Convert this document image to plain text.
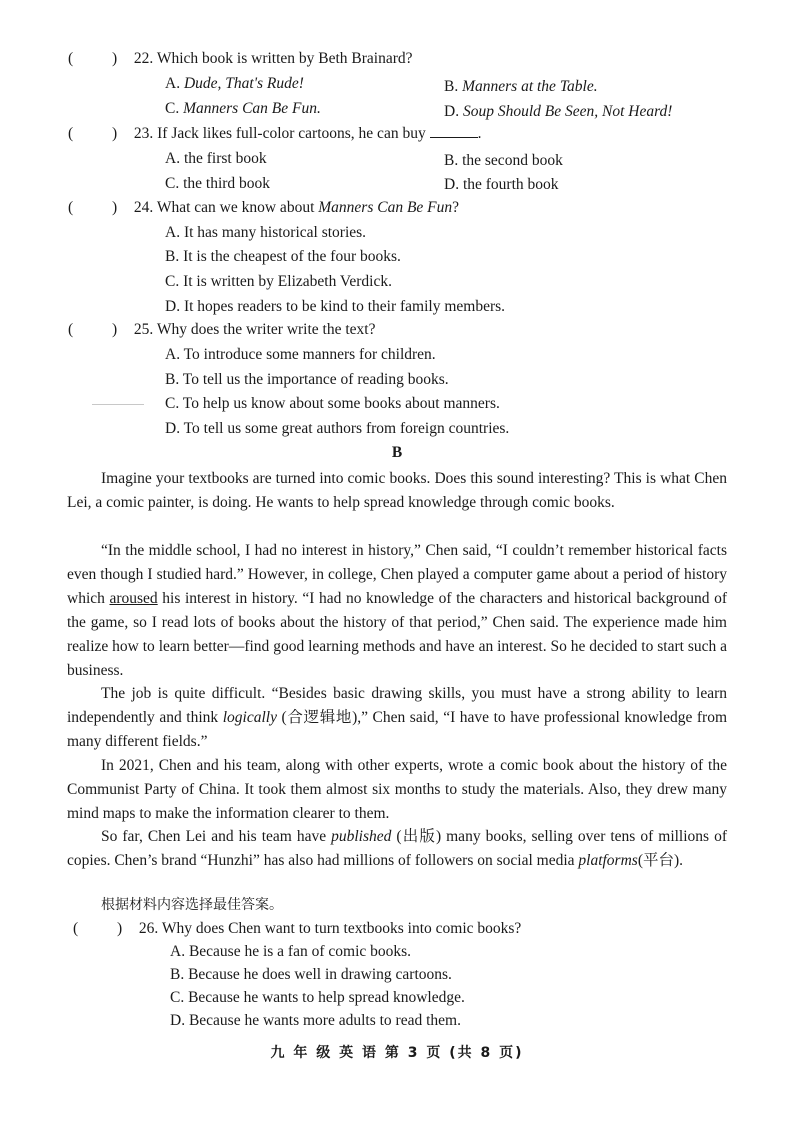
(	) 22. Which book is written by Beth Brainard?
A. Dude, That's Rude!	B. Manners at the Table.
C. Manners Can Be Fun.	D. Soup Should Be Seen, Not Heard!
(	) 23. If Jack likes full-color cartoons, he can buy	.
A. the first book	B. the second book
C. the third book	D. the fourth book
(	) 24. What can we know about Manners Can Be Fun?
A. It has many historical stories.
B. It is the cheapest of the four books.
C. It is written by Elizabeth Verdick.
D. It hopes readers to be kind to their family members.
(	) 25. Why does the writer write the text?
A. To introduce some manners for children.
B. To tell us the importance of reading books.
C. To help us know about some books about manners.
D. To tell us some great authors from foreign countries.
B
Imagine your textbooks are turned into comic books. Does this sound interesting? This is what Chen Lei, a comic painter, is doing. He wants to help spread knowledge through comic books.
“In the middle school, I had no interest in history,” Chen said, “I couldn’t remember historical facts even though I studied hard.” However, in college, Chen played a computer game about a period of history which aroused his interest in history. “I had no knowledge of the characters and historical background of the game, so I read lots of books about the history of that period,” Chen said. The experience made him realize how to learn better—find good learning methods and have an interest. So he decided to start such a business.
The job is quite difficult. “Besides basic drawing skills, you must have a strong ability to learn independently and think logically (合逻辑地),” Chen said, “I have to have professional knowledge from many different fields.”
In 2021, Chen and his team, along with other experts, wrote a comic book about the history of the Communist Party of China. It took them almost six months to study the materials. Also, they drew many mind maps to make the information clearer to them.
So far, Chen Lei and his team have published (出版) many books, selling over tens of millions of copies. Chen’s brand “Hunzhi” has also had millions of followers on social media platforms(平台).
根据材料内容选择最佳答案。
(	) 26. Why does Chen want to turn textbooks into comic books?
A. Because he is a fan of comic books.
B. Because he does well in drawing cartoons.
C. Because he wants to help spread knowledge.
D. Because he wants more adults to read them.
九 年 级 英 语 第 3 页 (共 8 页)
